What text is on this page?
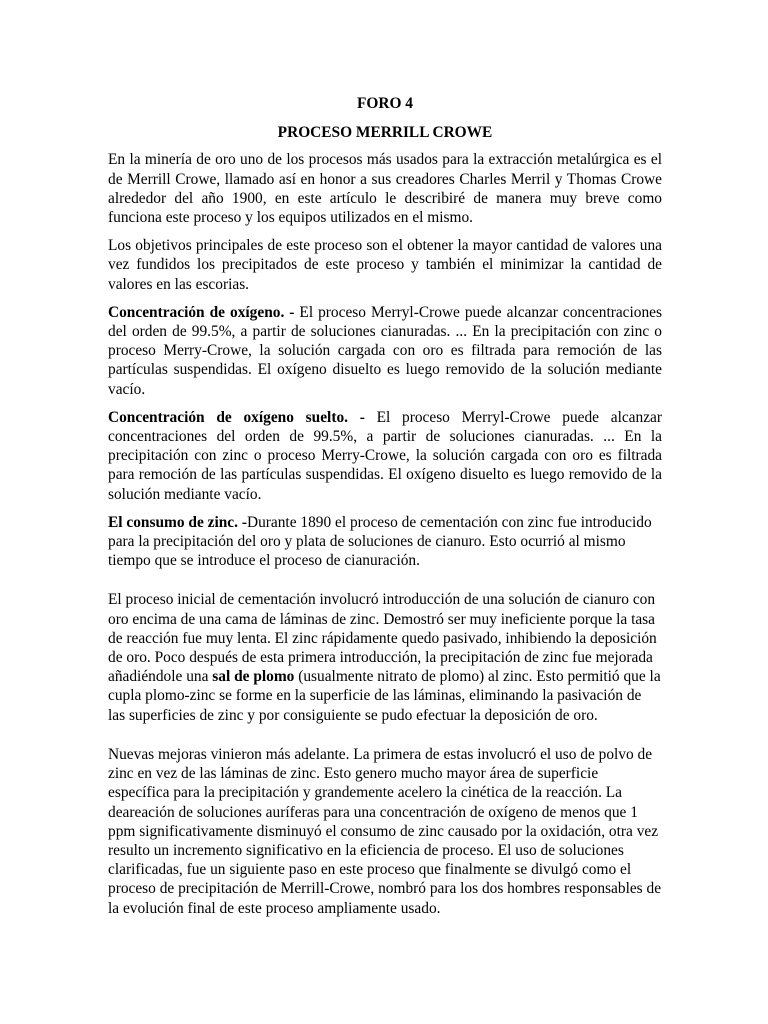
FORO 4
PROCESO MERRILL CROWE

En la minería de oro uno de los procesos más usados para la extracción metalúrgica es el de Merrill Crowe, llamado así en honor a sus creadores Charles Merril y Thomas Crowe alrededor del año 1900, en este artículo le describiré de manera muy breve como funciona este proceso y los equipos utilizados en el mismo.

Los objetivos principales de este proceso son el obtener la mayor cantidad de valores una vez fundidos los precipitados de este proceso y también el minimizar la cantidad de valores en las escorias.

Concentración de oxígeno. - El proceso Merryl-Crowe puede alcanzar concentraciones del orden de 99.5%, a partir de soluciones cianuradas. ... En la precipitación con zinc o proceso Merry-Crowe, la solución cargada con oro es filtrada para remoción de las partículas suspendidas. El oxígeno disuelto es luego removido de la solución mediante vacío.

Concentración de oxígeno suelto. - El proceso Merryl-Crowe puede alcanzar concentraciones del orden de 99.5%, a partir de soluciones cianuradas. ... En la precipitación con zinc o proceso Merry-Crowe, la solución cargada con oro es filtrada para remoción de las partículas suspendidas. El oxígeno disuelto es luego removido de la solución mediante vacío.

El consumo de zinc. -Durante 1890 el proceso de cementación con zinc fue introducido para la precipitación del oro y plata de soluciones de cianuro. Esto ocurrió al mismo tiempo que se introduce el proceso de cianuración.

El proceso inicial de cementación involucró introducción de una solución de cianuro con oro encima de una cama de láminas de zinc. Demostró ser muy ineficiente porque la tasa de reacción fue muy lenta. El zinc rápidamente quedo pasivado, inhibiendo la deposición de oro. Poco después de esta primera introducción, la precipitación de zinc fue mejorada añadiéndole una sal de plomo (usualmente nitrato de plomo) al zinc. Esto permitió que la cupla plomo-zinc se forme en la superficie de las láminas, eliminando la pasivación de las superficies de zinc y por consiguiente se pudo efectuar la deposición de oro.

Nuevas mejoras vinieron más adelante. La primera de estas involucró el uso de polvo de zinc en vez de las láminas de zinc. Esto genero mucho mayor área de superficie específica para la precipitación y grandemente acelero la cinética de la reacción. La deareación de soluciones auríferas para una concentración de oxígeno de menos que 1 ppm significativamente disminuyó el consumo de zinc causado por la oxidación, otra vez resulto un incremento significativo en la eficiencia de proceso. El uso de soluciones clarificadas, fue un siguiente paso en este proceso que finalmente se divulgó como el proceso de precipitación de Merrill-Crowe, nombró para los dos hombres responsables de la evolución final de este proceso ampliamente usado.
